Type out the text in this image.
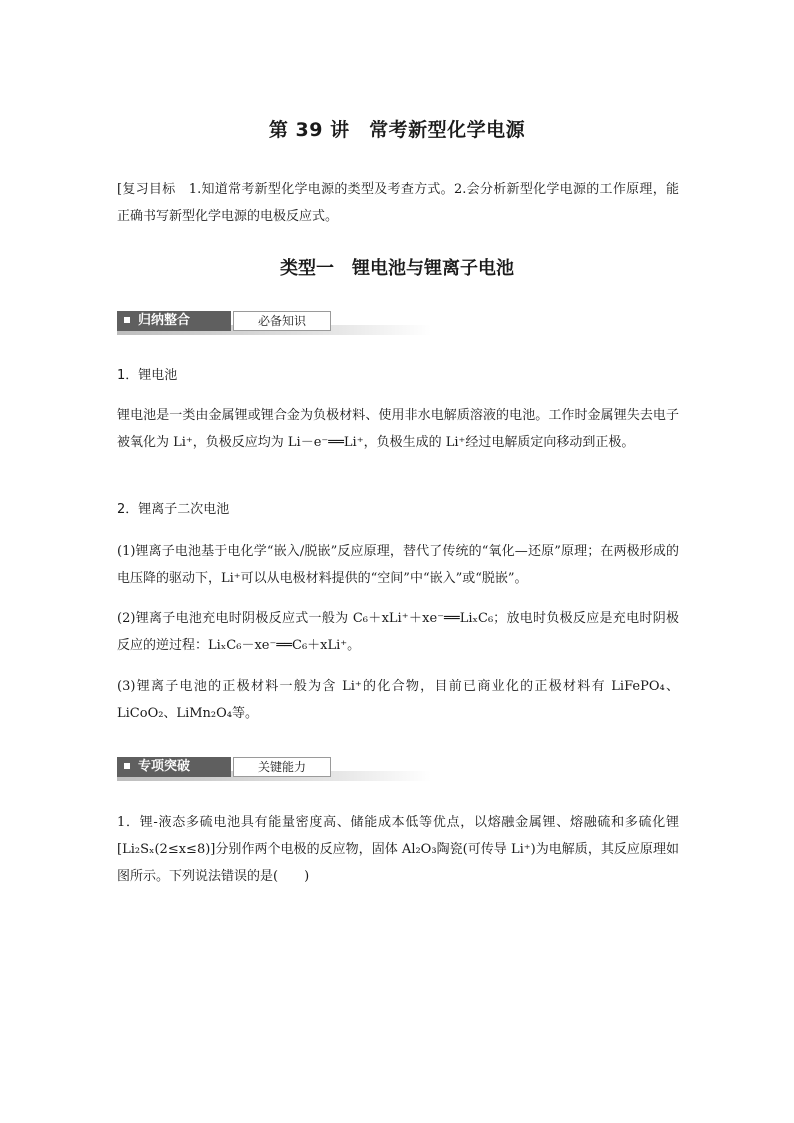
第 39 讲　常考新型化学电源
[复习目标　1.知道常考新型化学电源的类型及考查方式。2.会分析新型化学电源的工作原理，能正确书写新型化学电源的电极反应式。
类型一　锂电池与锂离子电池
归纳整合	必备知识
1．锂电池
锂电池是一类由金属锂或锂合金为负极材料、使用非水电解质溶液的电池。工作时金属锂失去电子被氧化为 Li⁺，负极反应均为 Li－e⁻══Li⁺，负极生成的 Li⁺经过电解质定向移动到正极。
2．锂离子二次电池
(1)锂离子电池基于电化学“嵌入/脱嵌”反应原理，替代了传统的“氧化—还原”原理；在两极形成的电压降的驱动下，Li⁺可以从电极材料提供的“空间”中“嵌入”或“脱嵌”。
(2)锂离子电池充电时阴极反应式一般为 C₆＋xLi⁺＋xe⁻══LiₓC₆；放电时负极反应是充电时阴极反应的逆过程：LiₓC₆－xe⁻══C₆＋xLi⁺。
(3)锂离子电池的正极材料一般为含 Li⁺的化合物，目前已商业化的正极材料有 LiFePO₄、LiCoO₂、LiMn₂O₄等。
专项突破	关键能力
1．锂-液态多硫电池具有能量密度高、储能成本低等优点，以熔融金属锂、熔融硫和多硫化锂[Li₂Sₓ(2≤x≤8)]分别作两个电极的反应物，固体 Al₂O₃陶瓷(可传导 Li⁺)为电解质，其反应原理如图所示。下列说法错误的是(　　)
